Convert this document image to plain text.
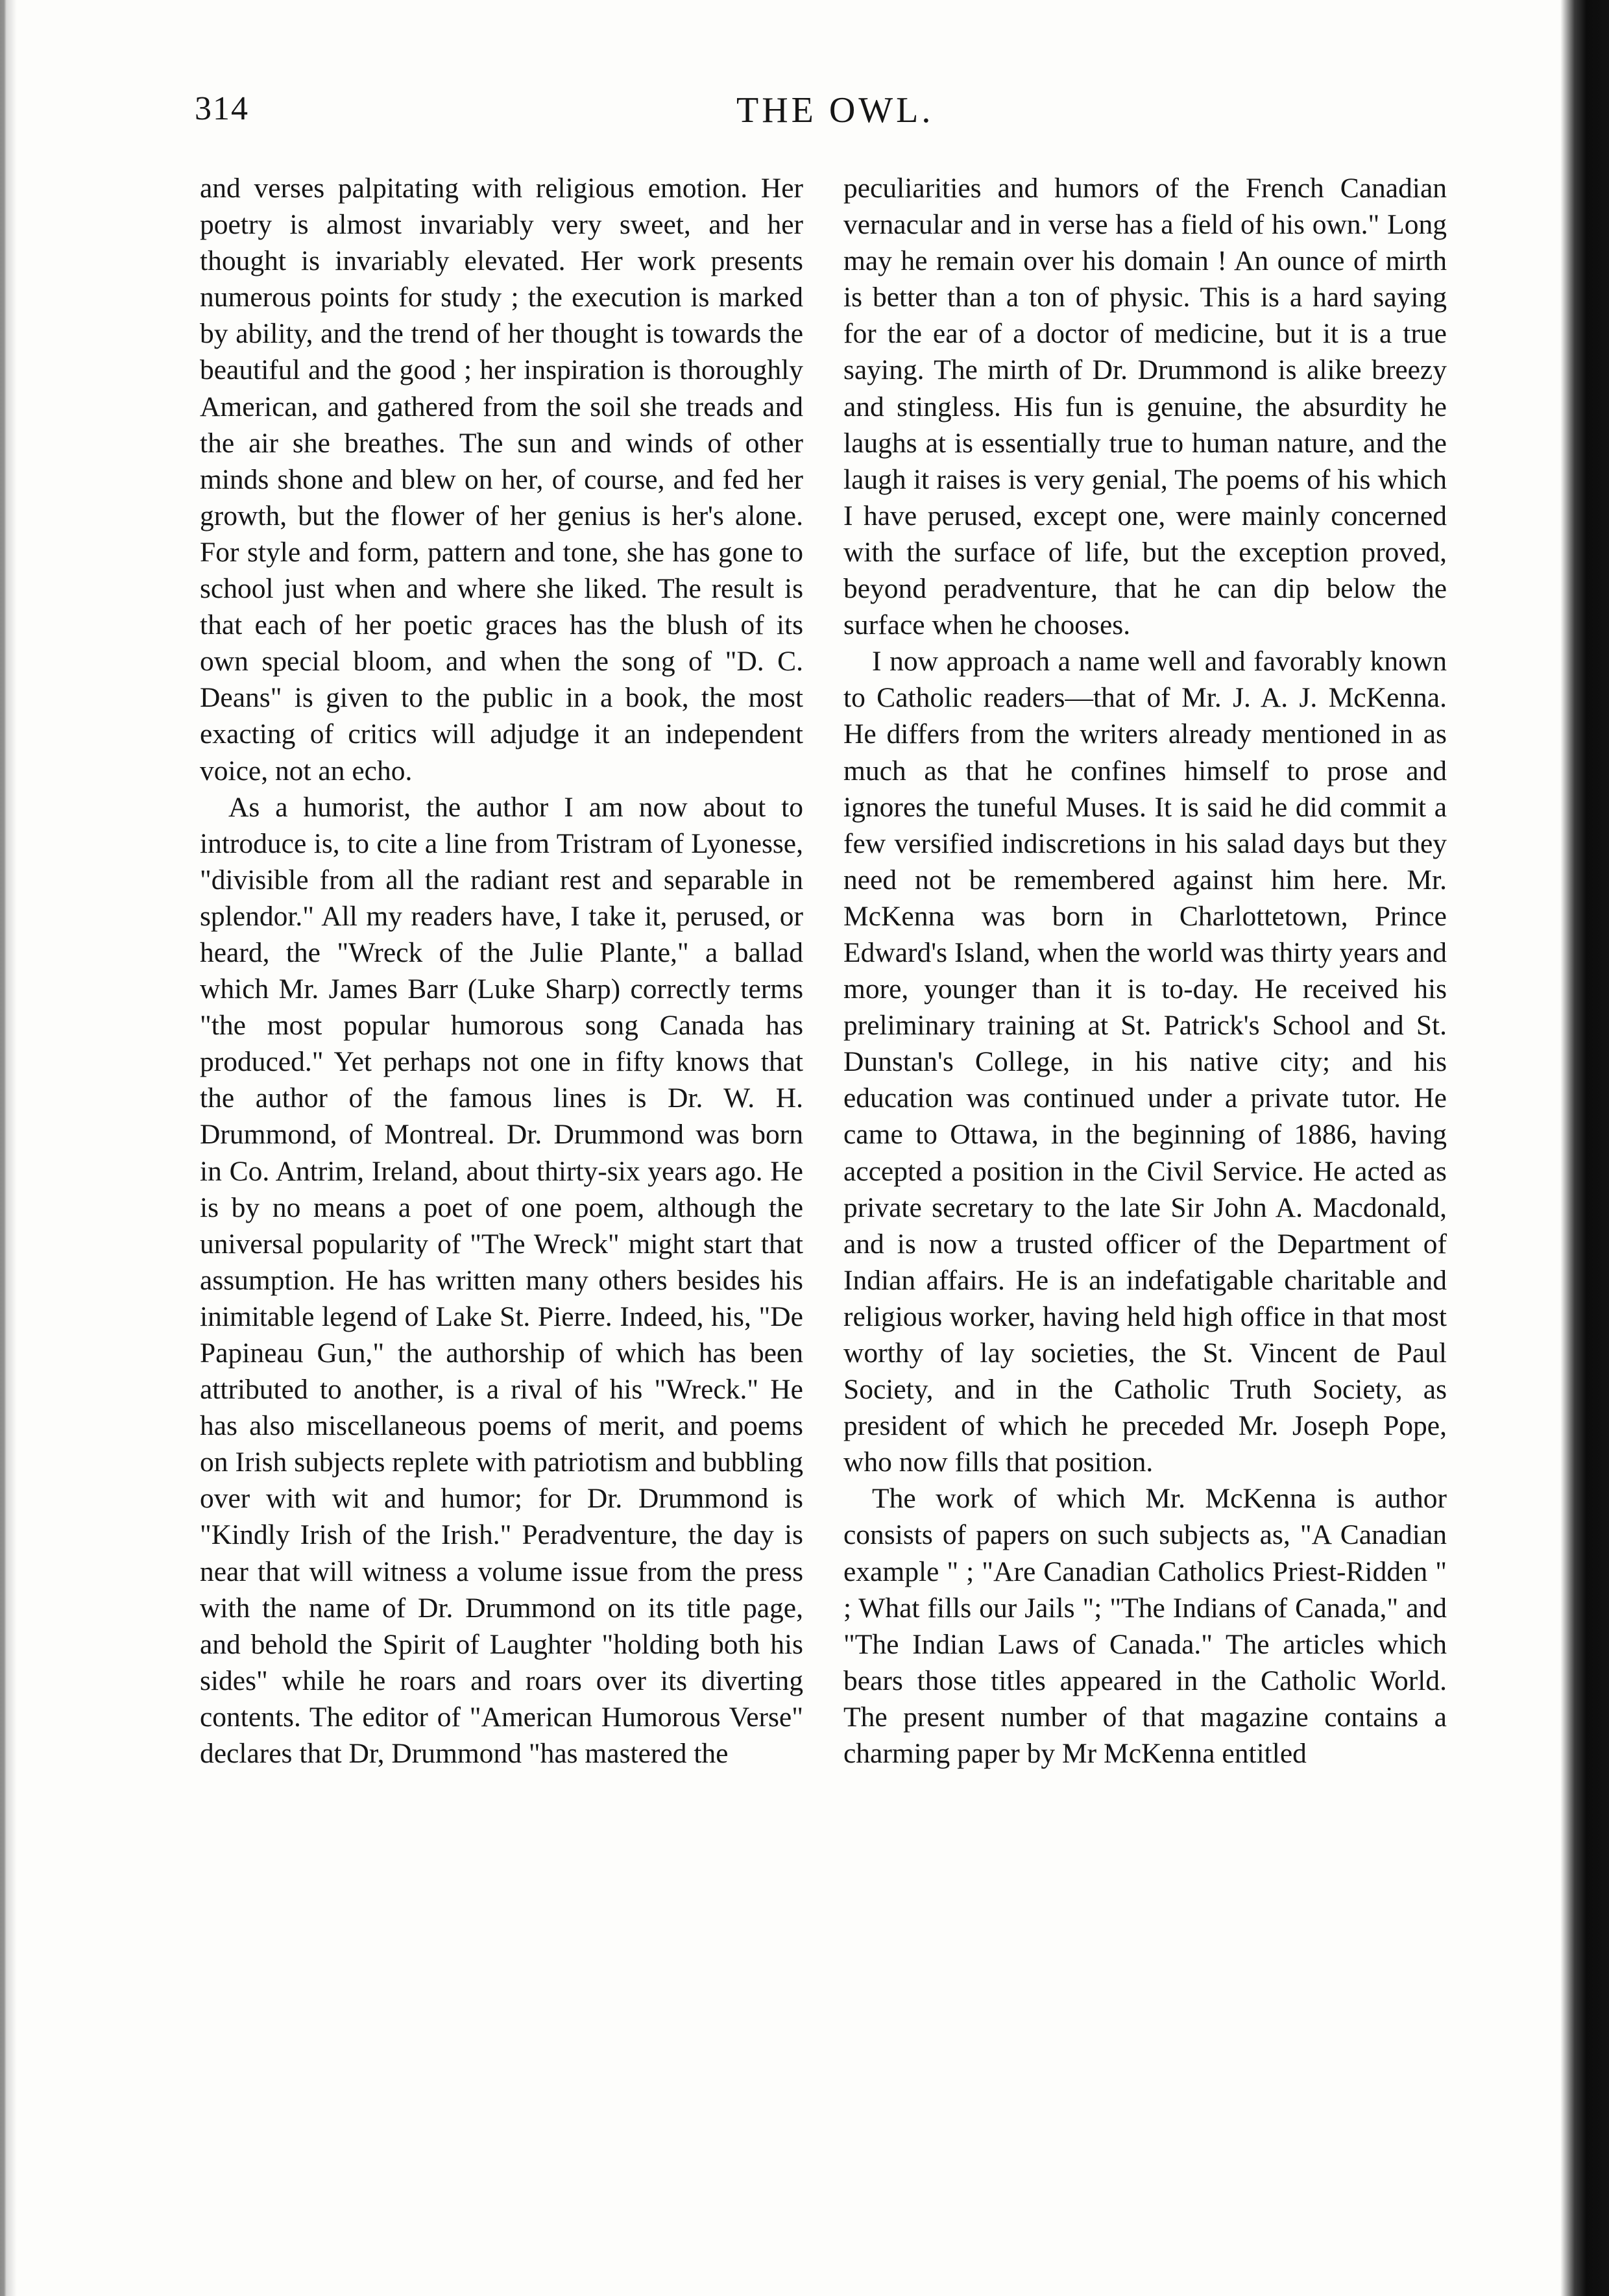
314	THE OWL.

and verses palpitating with religious emotion. Her poetry is almost invariably very sweet, and her thought is invariably elevated. Her work presents numerous points for study ; the execution is marked by ability, and the trend of her thought is towards the beautiful and the good ; her inspiration is thoroughly American, and gathered from the soil she treads and the air she breathes. The sun and winds of other minds shone and blew on her, of course, and fed her growth, but the flower of her genius is her's alone. For style and form, pattern and tone, she has gone to school just when and where she liked. The result is that each of her poetic graces has the blush of its own special bloom, and when the song of "D. C. Deans" is given to the public in a book, the most exacting of critics will adjudge it an independent voice, not an echo.

As a humorist, the author I am now about to introduce is, to cite a line from Tristram of Lyonesse, "divisible from all the radiant rest and separable in splendor." All my readers have, I take it, perused, or heard, the "Wreck of the Julie Plante," a ballad which Mr. James Barr (Luke Sharp) correctly terms "the most popular humorous song Canada has produced." Yet perhaps not one in fifty knows that the author of the famous lines is Dr. W. H. Drummond, of Montreal. Dr. Drummond was born in Co. Antrim, Ireland, about thirty-six years ago. He is by no means a poet of one poem, although the universal popularity of "The Wreck" might start that assumption. He has written many others besides his inimitable legend of Lake St. Pierre. Indeed, his, "De Papineau Gun," the authorship of which has been attributed to another, is a rival of his "Wreck." He has also miscellaneous poems of merit, and poems on Irish subjects replete with patriotism and bubbling over with wit and humor; for Dr. Drummond is "Kindly Irish of the Irish." Peradventure, the day is near that will witness a volume issue from the press with the name of Dr. Drummond on its title page, and behold the Spirit of Laughter "holding both his sides" while he roars and roars over its diverting contents. The editor of "American Humorous Verse" declares that Dr, Drummond "has mastered the

peculiarities and humors of the French Canadian vernacular and in verse has a field of his own." Long may he remain over his domain ! An ounce of mirth is better than a ton of physic. This is a hard saying for the ear of a doctor of medicine, but it is a true saying. The mirth of Dr. Drummond is alike breezy and stingless. His fun is genuine, the absurdity he laughs at is essentially true to human nature, and the laugh it raises is very genial, The poems of his which I have perused, except one, were mainly concerned with the surface of life, but the exception proved, beyond peradventure, that he can dip below the surface when he chooses.

I now approach a name well and favorably known to Catholic readers—that of Mr. J. A. J. McKenna. He differs from the writers already mentioned in as much as that he confines himself to prose and ignores the tuneful Muses. It is said he did commit a few versified indiscretions in his salad days but they need not be remembered against him here. Mr. McKenna was born in Charlottetown, Prince Edward's Island, when the world was thirty years and more, younger than it is to-day. He received his preliminary training at St. Patrick's School and St. Dunstan's College, in his native city; and his education was continued under a private tutor. He came to Ottawa, in the beginning of 1886, having accepted a position in the Civil Service. He acted as private secretary to the late Sir John A. Macdonald, and is now a trusted officer of the Department of Indian affairs. He is an indefatigable charitable and religious worker, having held high office in that most worthy of lay societies, the St. Vincent de Paul Society, and in the Catholic Truth Society, as president of which he preceded Mr. Joseph Pope, who now fills that position.

The work of which Mr. McKenna is author consists of papers on such subjects as, "A Canadian example " ; "Are Canadian Catholics Priest-Ridden " ; What fills our Jails "; "The Indians of Canada," and "The Indian Laws of Canada." The articles which bears those titles appeared in the Catholic World. The present number of that magazine contains a charming paper by Mr McKenna entitled
